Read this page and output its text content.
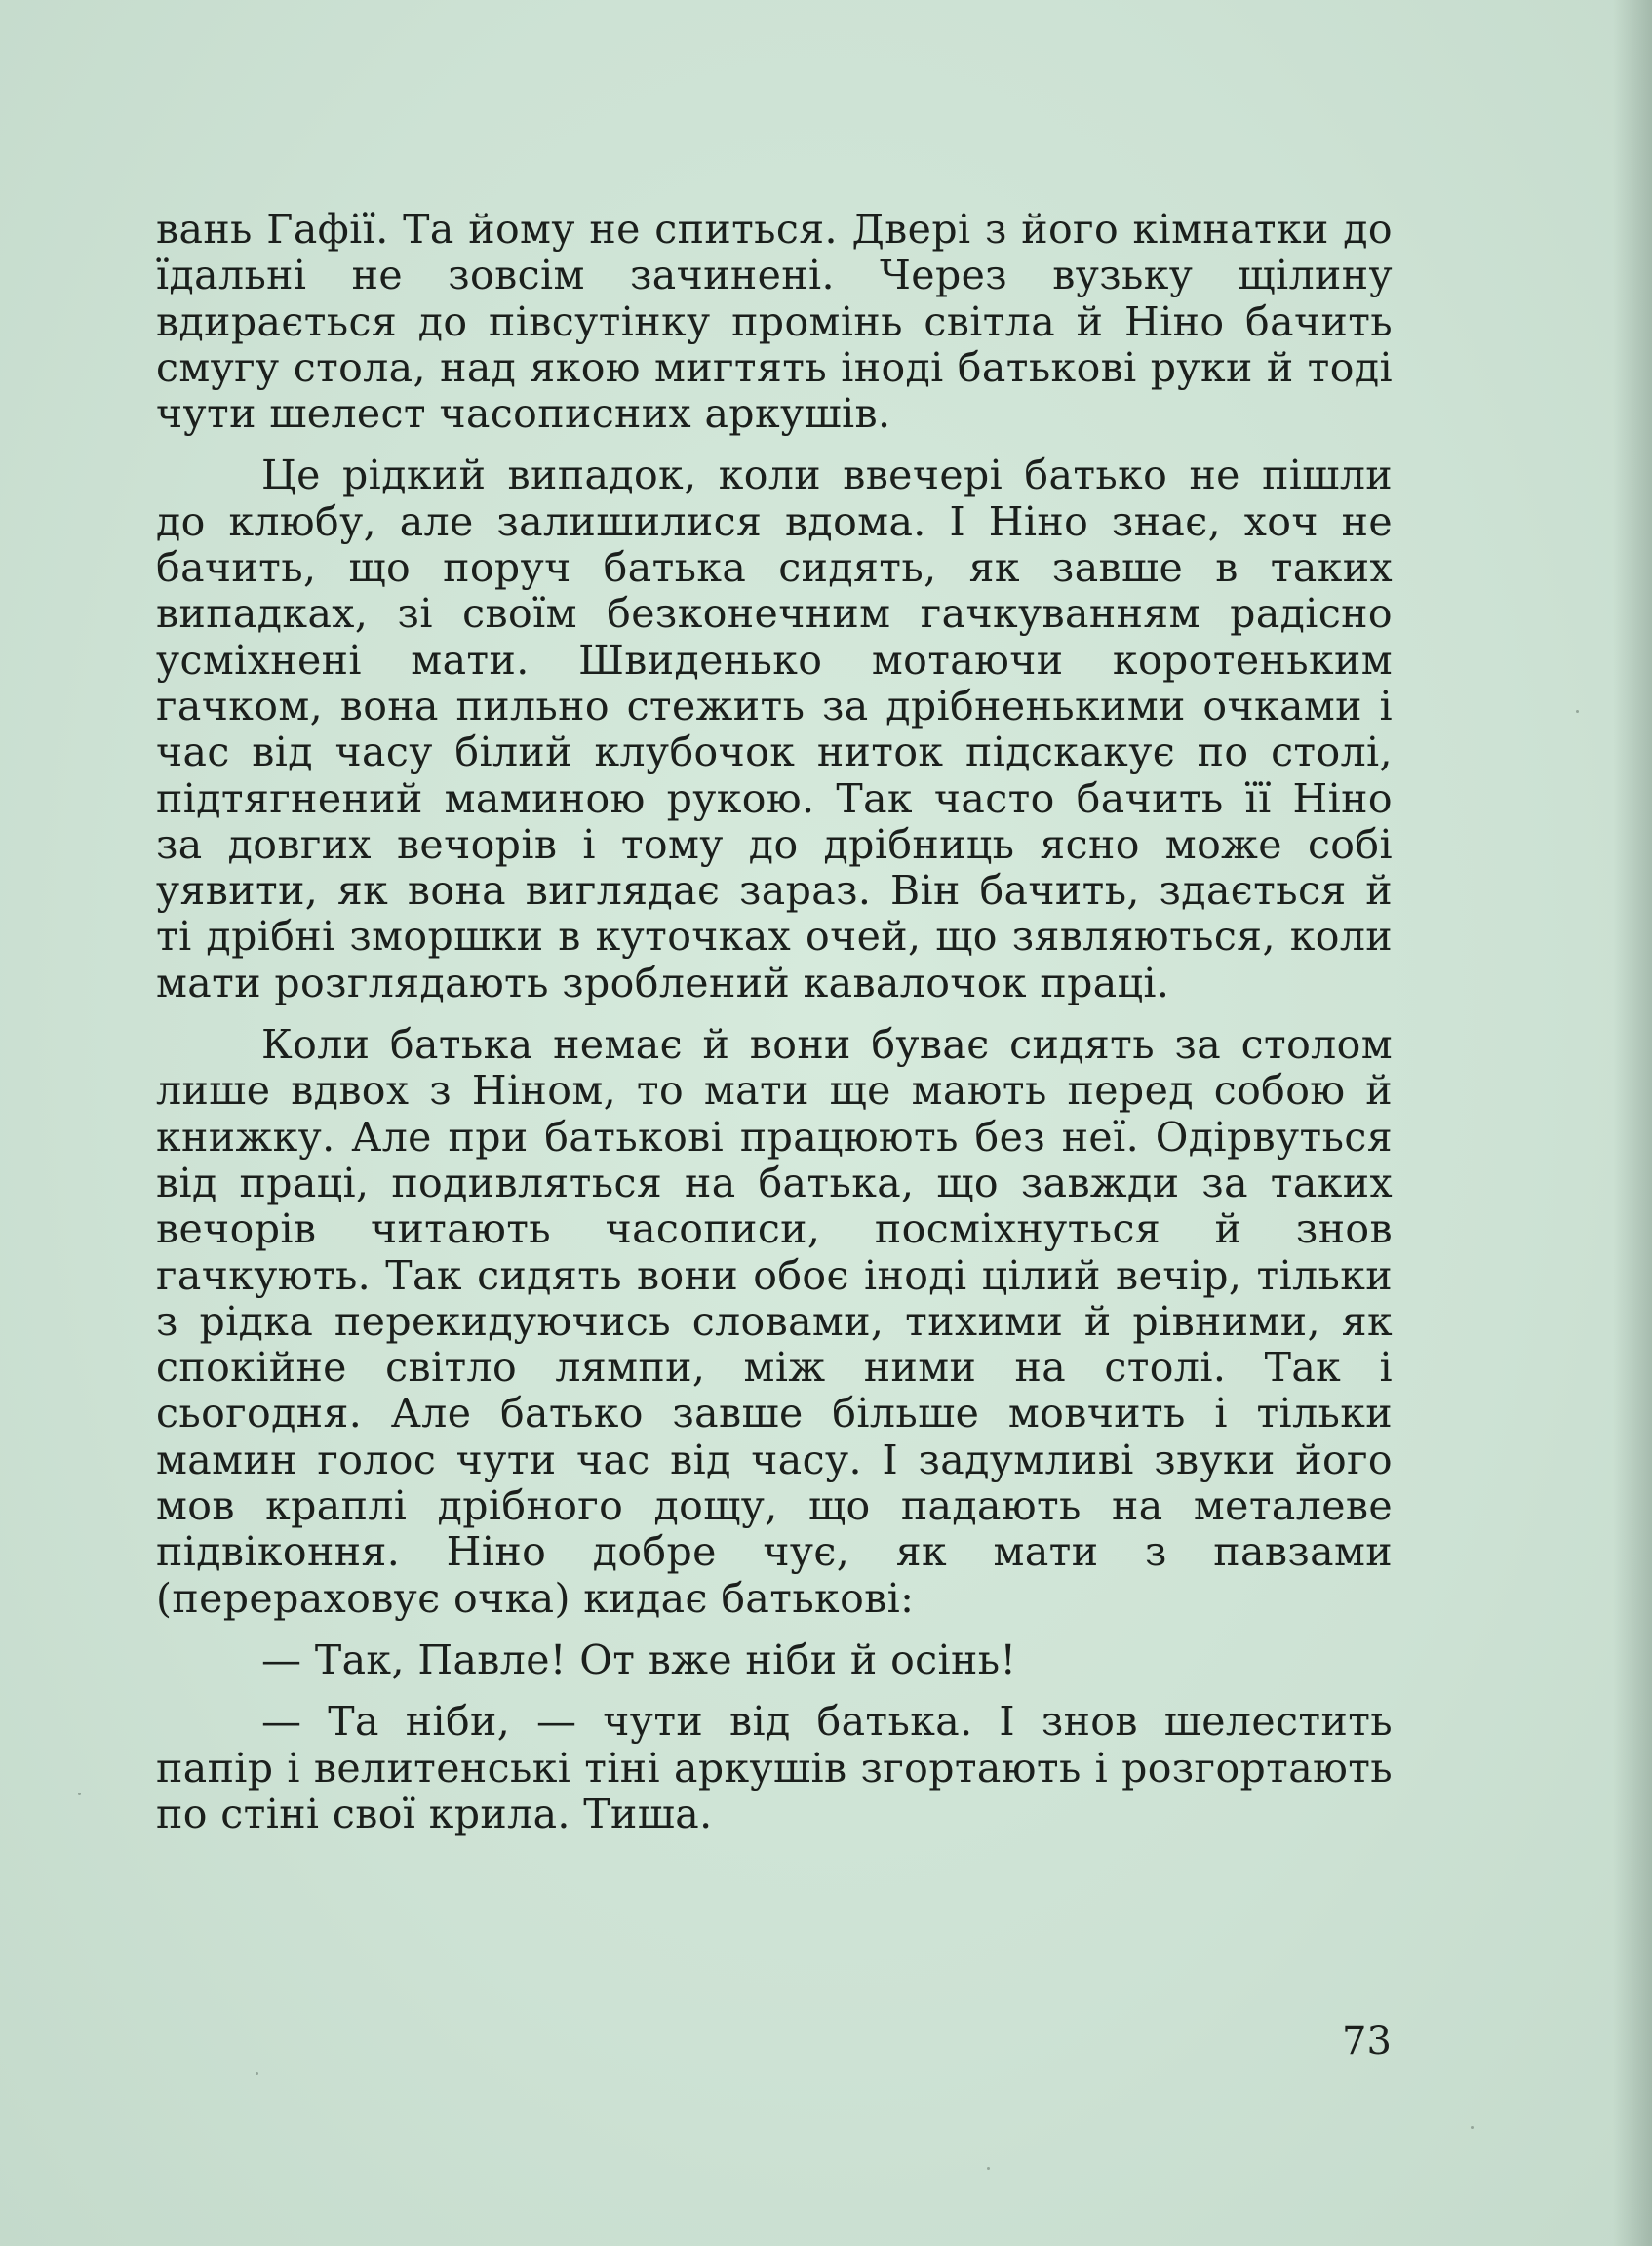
вань Гафії. Та йому не спиться. Двері з його кімнатки до їдальні не зовсім зачинені. Через вузьку щілину вдирається до півсутінку промінь світла й Ніно бачить смугу стола, над якою мигтять іноді батькові руки й тоді чути шелест часописних аркушів.

Це рідкий випадок, коли ввечері батько не пішли до клюбу, але залишилися вдома. І Ніно знає, хоч не бачить, що поруч батька сидять, як завше в таких випадках, зі своїм безконечним гачкуванням радісно усміхнені мати. Швиденько мотаючи коротеньким гачком, вона пильно стежить за дрібненькими очками і час від часу білий клубочок ниток підскакує по столі, підтягнений маминою рукою. Так часто бачить її Ніно за довгих вечорів і тому до дрібниць ясно може собі уявити, як вона виглядає зараз. Він бачить, здається й ті дрібні зморшки в куточках очей, що зявляються, коли мати розглядають зроблений кавалочок праці.

Коли батька немає й вони буває сидять за столом лише вдвох з Ніном, то мати ще мають перед собою й книжку. Але при батькові працюють без неї. Одірвуться від праці, подивляться на батька, що завжди за таких вечорів читають часописи, посміхнуться й знов гачкують. Так сидять вони обоє іноді цілий вечір, тільки з рідка перекидуючись словами, тихими й рівними, як спокійне світло лямпи, між ними на столі. Так і сьогодня. Але батько завше більше мовчить і тільки мамин голос чути час від часу. І задумливі звуки його мов краплі дрібного дощу, що падають на металеве підвіконня. Ніно добре чує, як мати з павзами (перераховує очка) кидає батькові:

— Так, Павле! От вже ніби й осінь!

— Та ніби, — чути від батька. І знов шелестить папір і велитенські тіні аркушів згортають і розгортають по стіні свої крила. Тиша.

73
